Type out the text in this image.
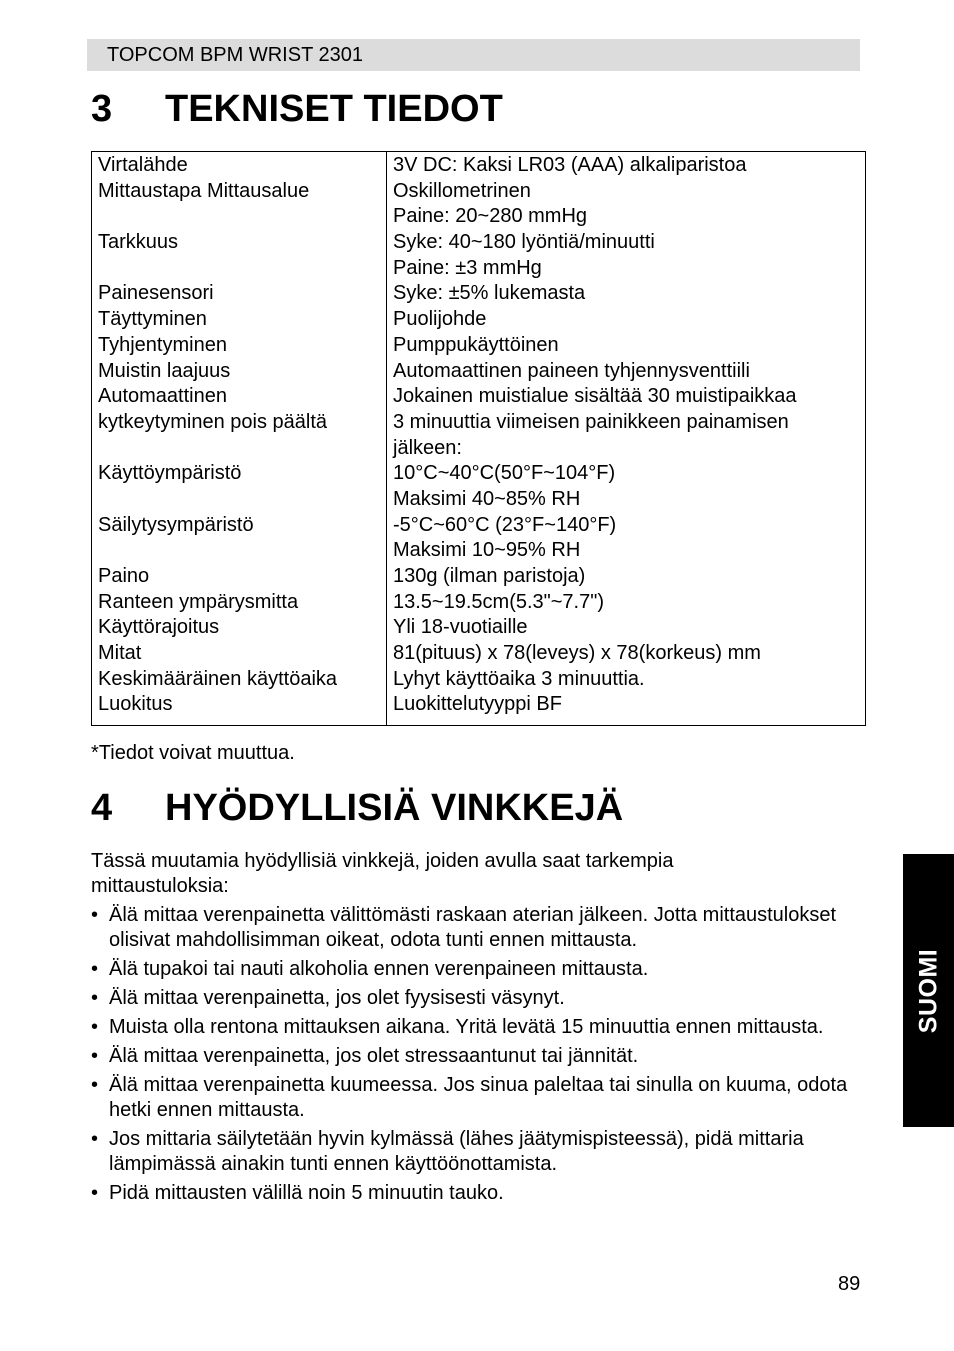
TOPCOM BPM WRIST 2301
3 TEKNISET TIEDOT
Virtalähde
Mittaustapa Mittausalue
Tarkkuus
Painesensori
Täyttyminen
Tyhjentyminen
Muistin laajuus
Automaattinen
kytkeytyminen pois päältä
Käyttöympäristö
Säilytysympäristö
Paino
Ranteen ympärysmitta
Käyttörajoitus
Mitat
Keskimääräinen käyttöaika
Luokitus
3V DC: Kaksi LR03 (AAA) alkaliparistoa
Oskillometrinen
Paine: 20~280 mmHg
Syke: 40~180 lyöntiä/minuutti
Paine: ±3 mmHg
Syke: ±5% lukemasta
Puolijohde
Pumppukäyttöinen
Automaattinen paineen tyhjennysventtiili
Jokainen muistialue sisältää 30 muistipaikkaa
3 minuuttia viimeisen painikkeen painamisen
jälkeen:
10°C~40°C(50°F~104°F)
Maksimi 40~85% RH
-5°C~60°C (23°F~140°F)
Maksimi 10~95% RH
130g (ilman paristoja)
13.5~19.5cm(5.3"~7.7")
Yli 18-vuotiaille
81(pituus) x 78(leveys) x 78(korkeus) mm
Lyhyt käyttöaika 3 minuuttia.
Luokittelutyyppi BF
*Tiedot voivat muuttua.
4 HYÖDYLLISIÄ VINKKEJÄ
Tässä muutamia hyödyllisiä vinkkejä, joiden avulla saat tarkempia mittaustuloksia:
• Älä mittaa verenpainetta välittömästi raskaan aterian jälkeen. Jotta mittaustulokset olisivat mahdollisimman oikeat, odota tunti ennen mittausta.
• Älä tupakoi tai nauti alkoholia ennen verenpaineen mittausta.
• Älä mittaa verenpainetta, jos olet fyysisesti väsynyt.
• Muista olla rentona mittauksen aikana. Yritä levätä 15 minuuttia ennen mittausta.
• Älä mittaa verenpainetta, jos olet stressaantunut tai jännität.
• Älä mittaa verenpainetta kuumeessa. Jos sinua paleltaa tai sinulla on kuuma, odota hetki ennen mittausta.
• Jos mittaria säilytetään hyvin kylmässä (lähes jäätymispisteessä), pidä mittaria lämpimässä ainakin tunti ennen käyttöönottamista.
• Pidä mittausten välillä noin 5 minuutin tauko.
SUOMI
89
